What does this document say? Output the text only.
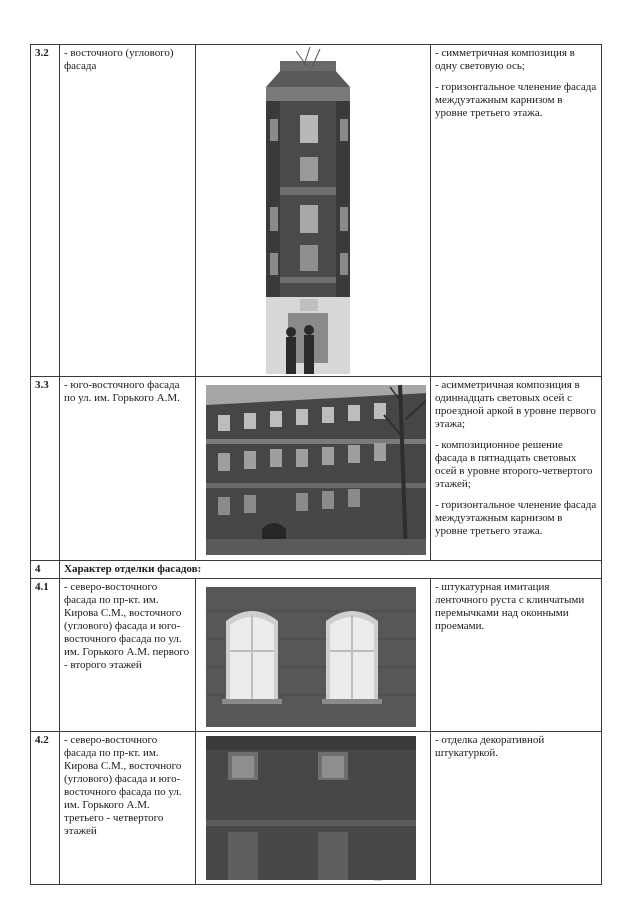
3.2	- восточного (углового) фасада		- симметричная композиция в одну световую ось;

- горизонтальное членение фасада междуэтажным карнизом в уровне третьего этажа.

3.3	- юго-восточного фасада по ул. им. Горького А.М.		- асимметричная композиция в одиннадцать световых осей с проездной аркой в уровне первого этажа;

- композиционное решение фасада в пятнадцать световых осей в уровне второго-четвертого этажей;

- горизонтальное членение фасада междуэтажным карнизом в уровне третьего этажа.

4	Характер отделки фасадов:		
4.1	- северо-восточного фасада по пр-кт. им. Кирова С.М., восточного (углового) фасада и юго-восточного фасада по ул. им. Горького А.М. первого - второго этажей		- штукатурная имитация ленточного руста с клинчатыми перемычками над оконными проемами.

4.2	- северо-восточного фасада по пр-кт. им. Кирова С.М., восточного (углового) фасада и юго-восточного фасада по ул. им. Горького А.М. третьего - четвертого этажей		- отделка декоративной штукатуркой.
